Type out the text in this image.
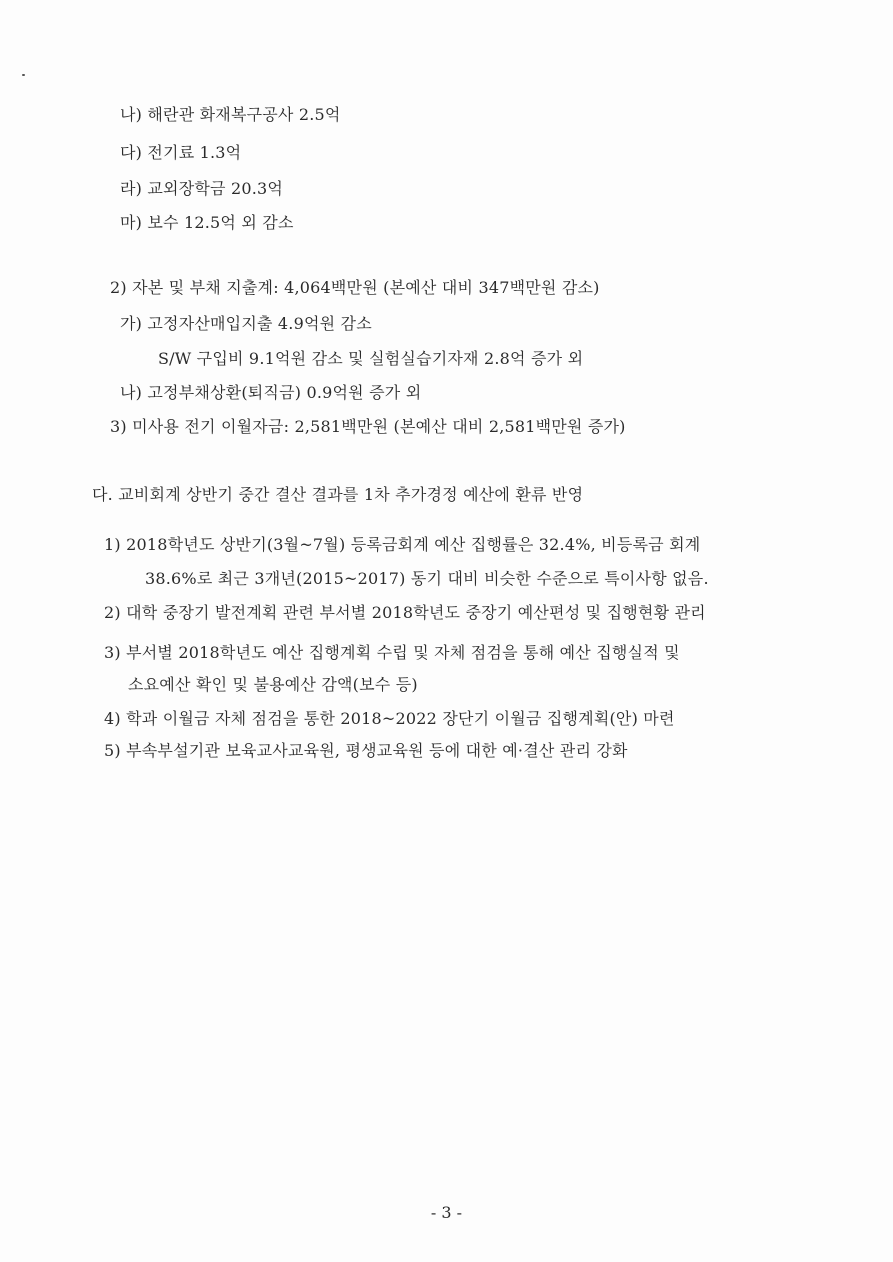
나) 해란관 화재복구공사 2.5억
다) 전기료 1.3억
라) 교외장학금 20.3억
마) 보수 12.5억 외 감소
2) 자본 및 부채 지출계: 4,064백만원 (본예산 대비 347백만원 감소)
가) 고정자산매입지출 4.9억원 감소
S/W 구입비 9.1억원 감소 및 실험실습기자재 2.8억 증가 외
나) 고정부채상환(퇴직금) 0.9억원 증가 외
3) 미사용 전기 이월자금: 2,581백만원 (본예산 대비 2,581백만원 증가)
다. 교비회계 상반기 중간 결산 결과를 1차 추가경정 예산에 환류 반영
1) 2018학년도 상반기(3월~7월) 등록금회계 예산 집행률은 32.4%, 비등록금 회계
38.6%로 최근 3개년(2015~2017) 동기 대비 비슷한 수준으로 특이사항 없음.
2) 대학 중장기 발전계획 관련 부서별 2018학년도 중장기 예산편성 및 집행현황 관리
3) 부서별 2018학년도 예산 집행계획 수립 및 자체 점검을 통해 예산 집행실적 및
소요예산 확인 및 불용예산 감액(보수 등)
4) 학과 이월금 자체 점검을 통한 2018~2022 장단기 이월금 집행계획(안) 마련
5) 부속부설기관 보육교사교육원, 평생교육원 등에 대한 예·결산 관리 강화
- 3 -
